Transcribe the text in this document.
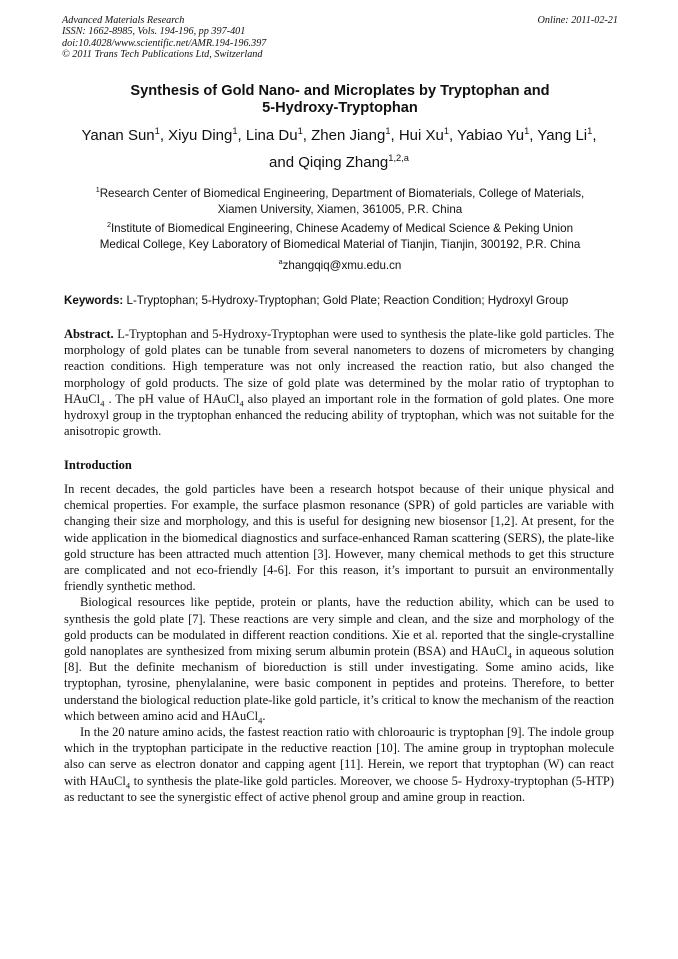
Advanced Materials Research
ISSN: 1662-8985, Vols. 194-196, pp 397-401
doi:10.4028/www.scientific.net/AMR.194-196.397
© 2011 Trans Tech Publications Ltd, Switzerland
Online: 2011-02-21
Synthesis of Gold Nano- and Microplates by Tryptophan and
5-Hydroxy-Tryptophan
Yanan Sun$^1$, Xiyu Ding$^1$, Lina Du$^1$, Zhen Jiang$^1$, Hui Xu$^1$, Yabiao Yu$^1$, Yang Li$^1$,
and Qiqing Zhang$^{1,2,a}$
$^1$Research Center of Biomedical Engineering, Department of Biomaterials, College of Materials,
Xiamen University, Xiamen, 361005, P.R. China
$^2$Institute of Biomedical Engineering, Chinese Academy of Medical Science & Peking Union
Medical College, Key Laboratory of Biomedical Material of Tianjin, Tianjin, 300192, P.R. China
$^a$zhangqiq@xmu.edu.cn
Keywords: L-Tryptophan; 5-Hydroxy-Tryptophan; Gold Plate; Reaction Condition; Hydroxyl Group

Abstract. L-Tryptophan and 5-Hydroxy-Tryptophan were used to synthesis the plate-like gold particles. The morphology of gold plates can be tunable from several nanometers to dozens of micrometers by changing reaction conditions. High temperature was not only increased the reaction ratio, but also changed the morphology of gold products. The size of gold plate was determined by the molar ratio of tryptophan to HAuCl$_4$ . The pH value of HAuCl$_4$ also played an important role in the formation of gold plates. One more hydroxyl group in the tryptophan enhanced the reducing ability of tryptophan, which was not suitable for the anisotropic growth.

Introduction

In recent decades, the gold particles have been a research hotspot because of their unique physical and chemical properties. For example, the surface plasmon resonance (SPR) of gold particles are variable with changing their size and morphology, and this is useful for designing new biosensor [1,2]. At present, for the wide application in the biomedical diagnostics and surface-enhanced Raman scattering (SERS), the plate-like gold structure has been attracted much attention [3]. However, many chemical methods to get this structure are complicated and not eco-friendly [4-6]. For this reason, it’s important to pursuit an environmentally friendly synthetic method.

Biological resources like peptide, protein or plants, have the reduction ability, which can be used to synthesis the gold plate [7]. These reactions are very simple and clean, and the size and morphology of the gold products can be modulated in different reaction conditions. Xie et al. reported that the single-crystalline gold nanoplates are synthesized from mixing serum albumin protein (BSA) and HAuCl$_4$ in aqueous solution [8]. But the definite mechanism of bioreduction is still under investigating. Some amino acids, like tryptophan, tyrosine, phenylalanine, were basic component in peptides and proteins. Therefore, to better understand the biological reduction plate-like gold particle, it’s critical to know the mechanism of the reaction which between amino acid and HAuCl$_4$.

In the 20 nature amino acids, the fastest reaction ratio with chloroauric is tryptophan [9]. The indole group which in the tryptophan participate in the reductive reaction [10]. The amine group in tryptophan molecule also can serve as electron donator and capping agent [11]. Herein, we report that tryptophan (W) can react with HAuCl$_4$ to synthesis the plate-like gold particles. Moreover, we choose 5- Hydroxy-tryptophan (5-HTP) as reductant to see the synergistic effect of active phenol group and amine group in reaction.
